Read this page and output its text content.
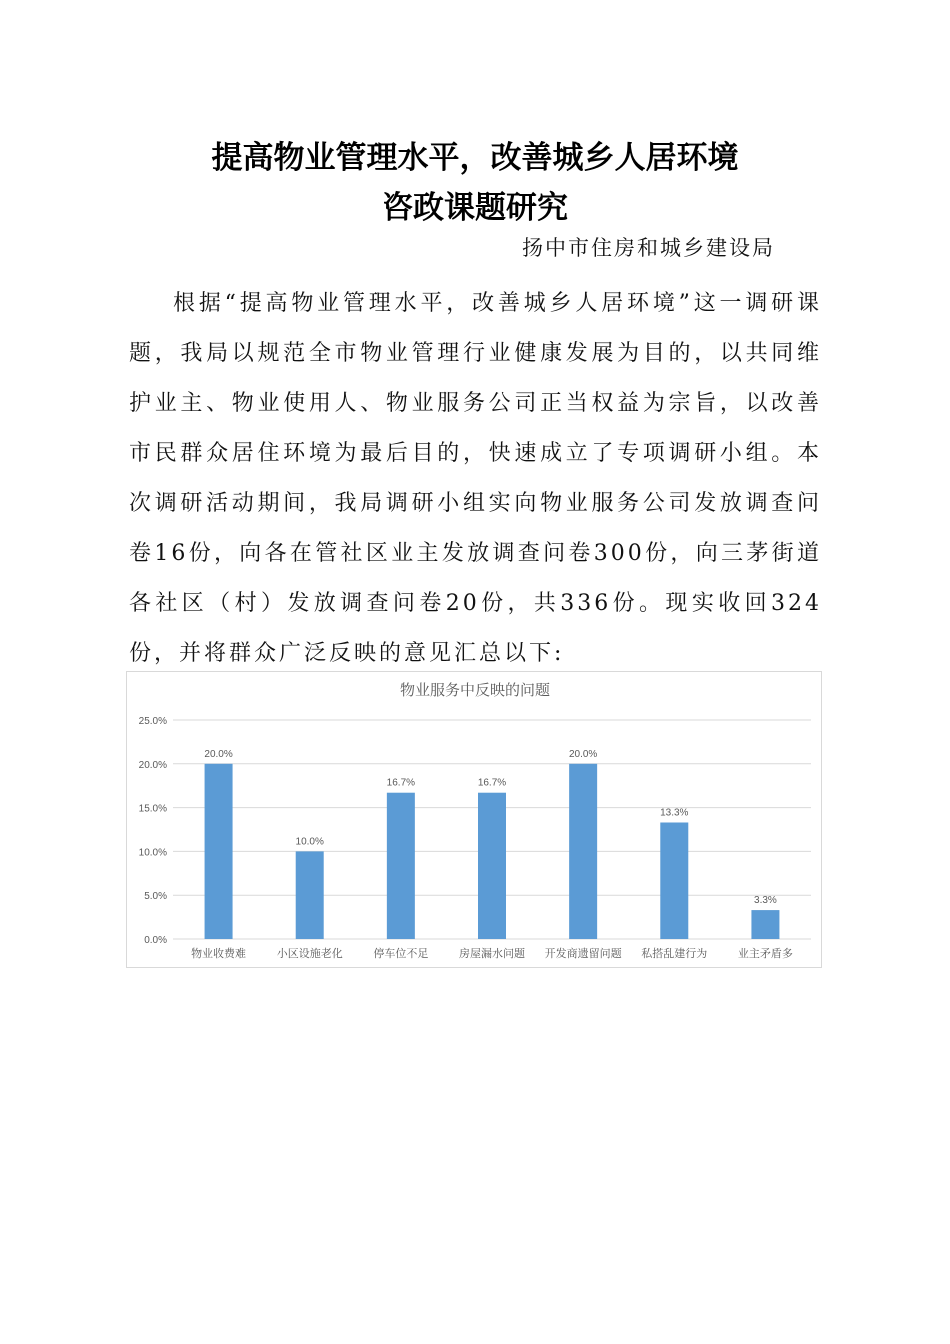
提高物业管理水平，改善城乡人居环境
咨政课题研究
扬中市住房和城乡建设局

根据“提高物业管理水平，改善城乡人居环境”这一调研课题，我局以规范全市物业管理行业健康发展为目的，以共同维护业主、物业使用人、物业服务公司正当权益为宗旨，以改善市民群众居住环境为最后目的，快速成立了专项调研小组。本次调研活动期间，我局调研小组实向物业服务公司发放调查问卷16份，向各在管社区业主发放调查问卷300份，向三茅街道各社区（村）发放调查问卷20份，共336份。现实收回324份，并将群众广泛反映的意见汇总以下:

物业服务中反映的问题
0.0%
5.0%
10.0%
15.0%
20.0%
25.0%
20.0%
物业收费难
10.0%
小区设施老化
16.7%
停车位不足
16.7%
房屋漏水问题
20.0%
开发商遗留问题
13.3%
私搭乱建行为
3.3%
业主矛盾多
